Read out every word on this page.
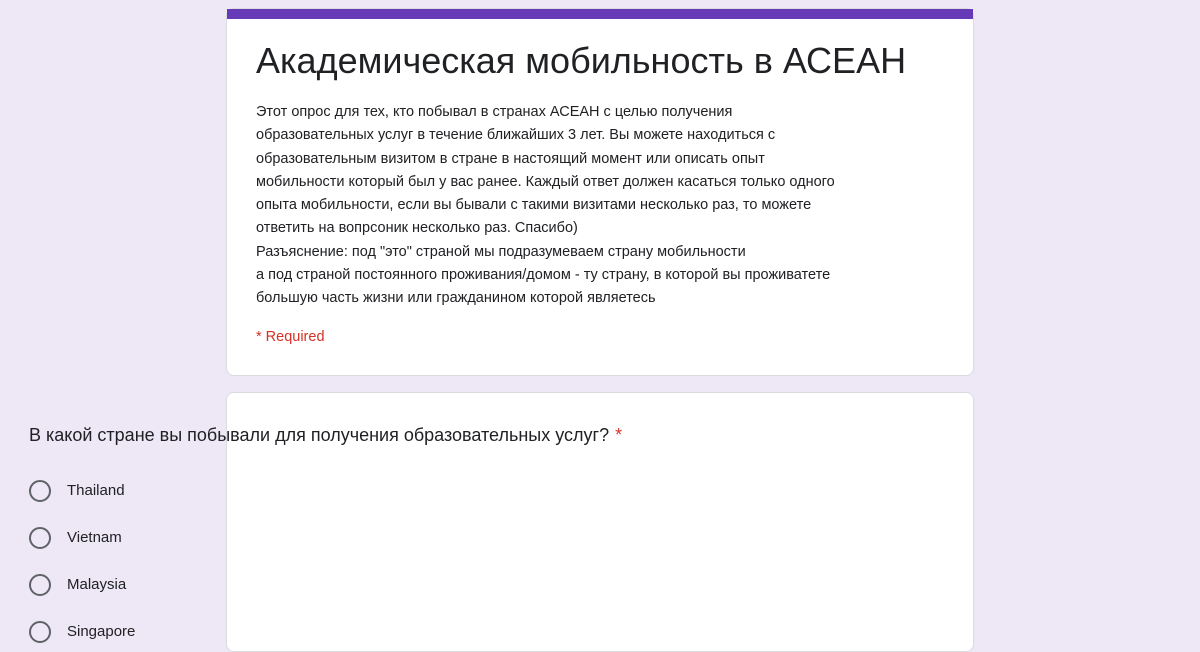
Академическая мобильность в АСЕАН

Этот опрос для тех, кто побывал в странах АСЕАН с целью получения
образовательных услуг в течение ближайших 3 лет. Вы можете находиться с
образовательным визитом в стране в настоящий момент или описать опыт
мобильности который был у вас ранее. Каждый ответ должен касаться только одного
опыта мобильности, если вы бывали с такими визитами несколько раз, то можете
ответить на вопрсоник несколько раз. Спасибо)
Разъяснение: под "это" страной мы подразумеваем страну мобильности
а под страной постоянного проживания/домом - ту страну, в которой вы проживатете
большую часть жизни или гражданином которой являетесь

* Required
В какой стране вы побывали для получения образовательных услуг? *
Thailand
Vietnam
Malaysia
Singapore
